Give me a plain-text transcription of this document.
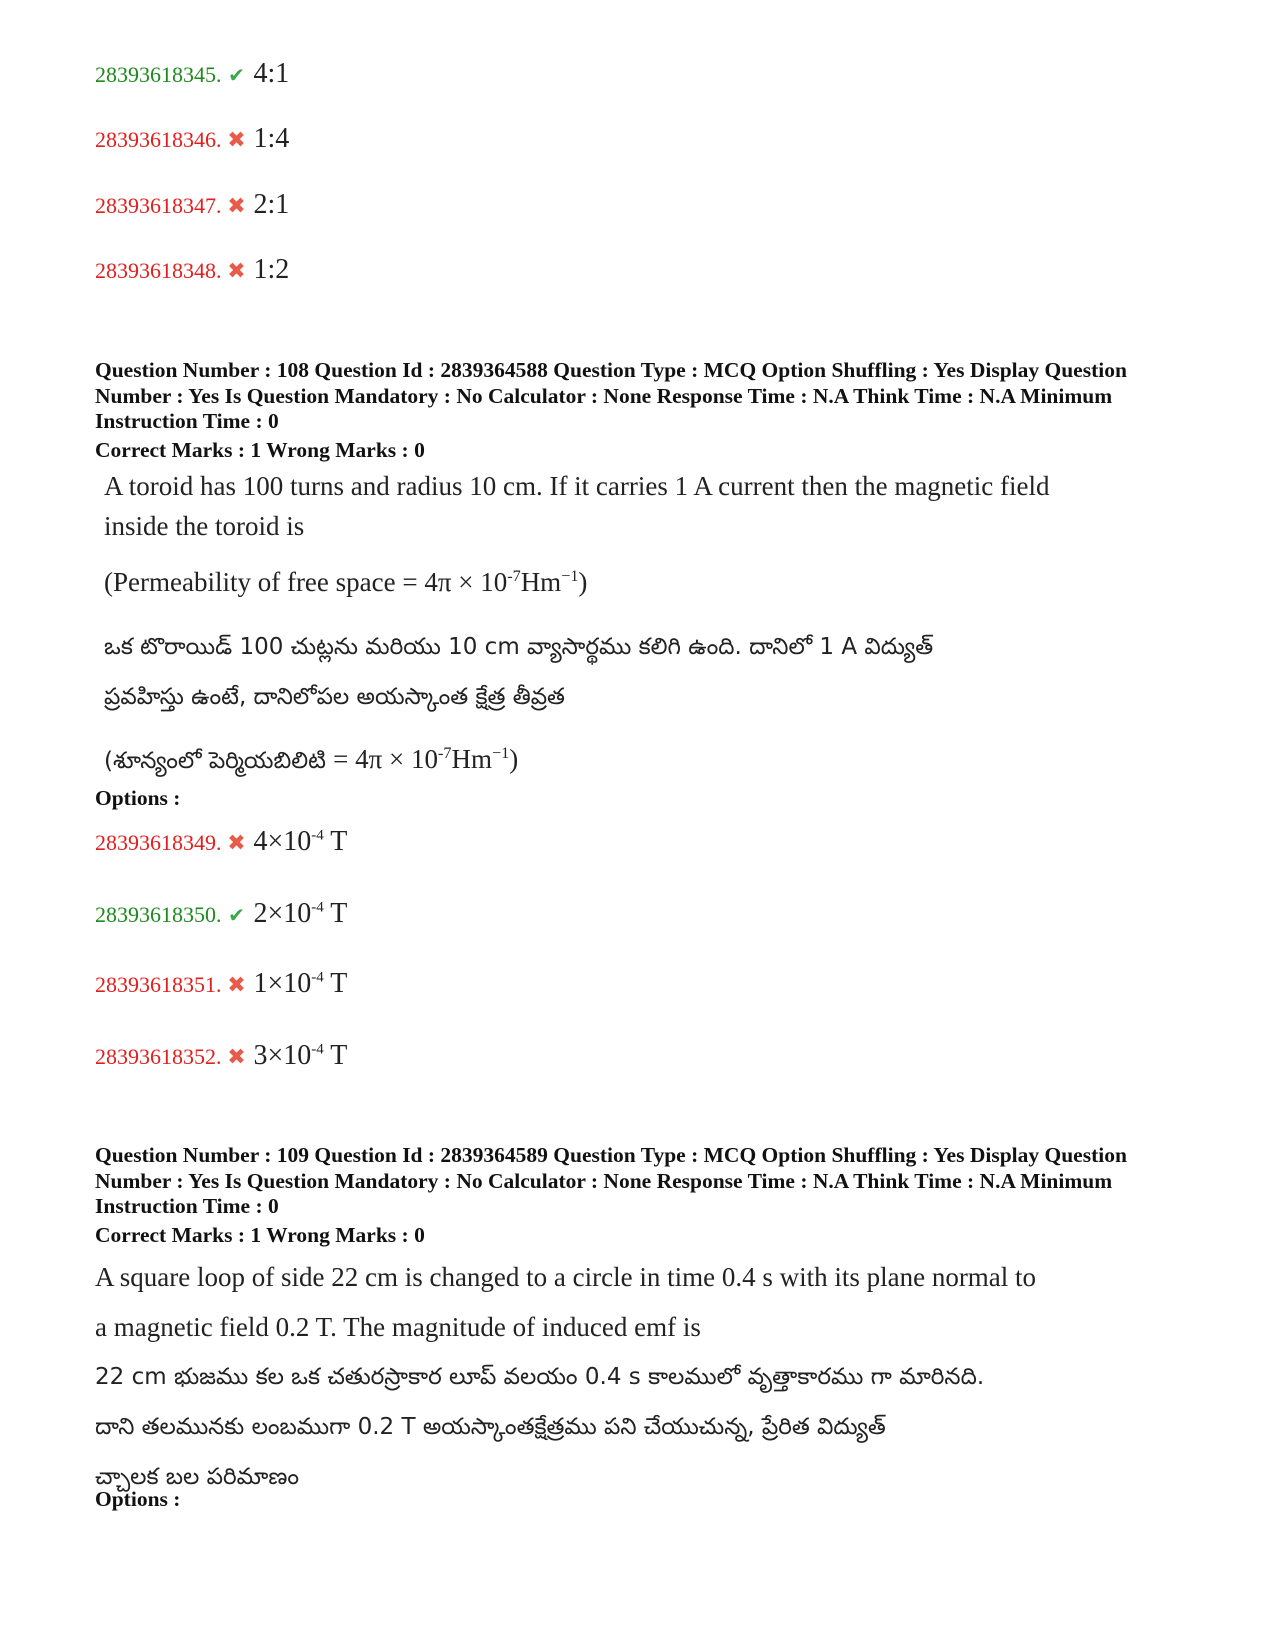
28393618345. ✔ 4:1
28393618346. ✖ 1:4
28393618347. ✖ 2:1
28393618348. ✖ 1:2
Question Number : 108 Question Id : 2839364588 Question Type : MCQ Option Shuffling : Yes Display Question Number : Yes Is Question Mandatory : No Calculator : None Response Time : N.A Think Time : N.A Minimum Instruction Time : 0
Correct Marks : 1 Wrong Marks : 0
A toroid has 100 turns and radius 10 cm. If it carries 1 A current then the magnetic field
inside the toroid is
(Permeability of free space = $4\pi \times 10^{-7}Hm^{-1}$)
ఒక టొరాయిడ్ 100 చుట్లను మరియు 10 cm వ్యాసార్థము కలిగి ఉంది. దానిలో 1 A విద్యుత్
ప్రవహిస్తు ఉంటే, దానిలోపల అయస్కాంత క్షేత్ర తీవ్రత
(శూన్యంలో పెర్మియబిలిటి = $4\pi \times 10^{-7}Hm^{-1}$)
Options :
28393618349. ✖ $4\times 10^{-4}$ T
28393618350. ✔ $2\times 10^{-4}$ T
28393618351. ✖ $1\times 10^{-4}$ T
28393618352. ✖ $3\times 10^{-4}$ T
Question Number : 109 Question Id : 2839364589 Question Type : MCQ Option Shuffling : Yes Display Question Number : Yes Is Question Mandatory : No Calculator : None Response Time : N.A Think Time : N.A Minimum Instruction Time : 0
Correct Marks : 1 Wrong Marks : 0
A square loop of side 22 cm is changed to a circle in time 0.4 s with its plane normal to
a magnetic field 0.2 T. The magnitude of induced emf is
22 cm భుజము కల ఒక చతురస్రాకార లూప్ వలయం 0.4 s కాలములో వృత్తాకారము గా మారినది.
దాని తలమునకు లంబముగా 0.2 T అయస్కాంతక్షేత్రము పని చేయుచున్న, ప్రేరిత విద్యుత్
చ్చాలక బల పరిమాణం
Options :
